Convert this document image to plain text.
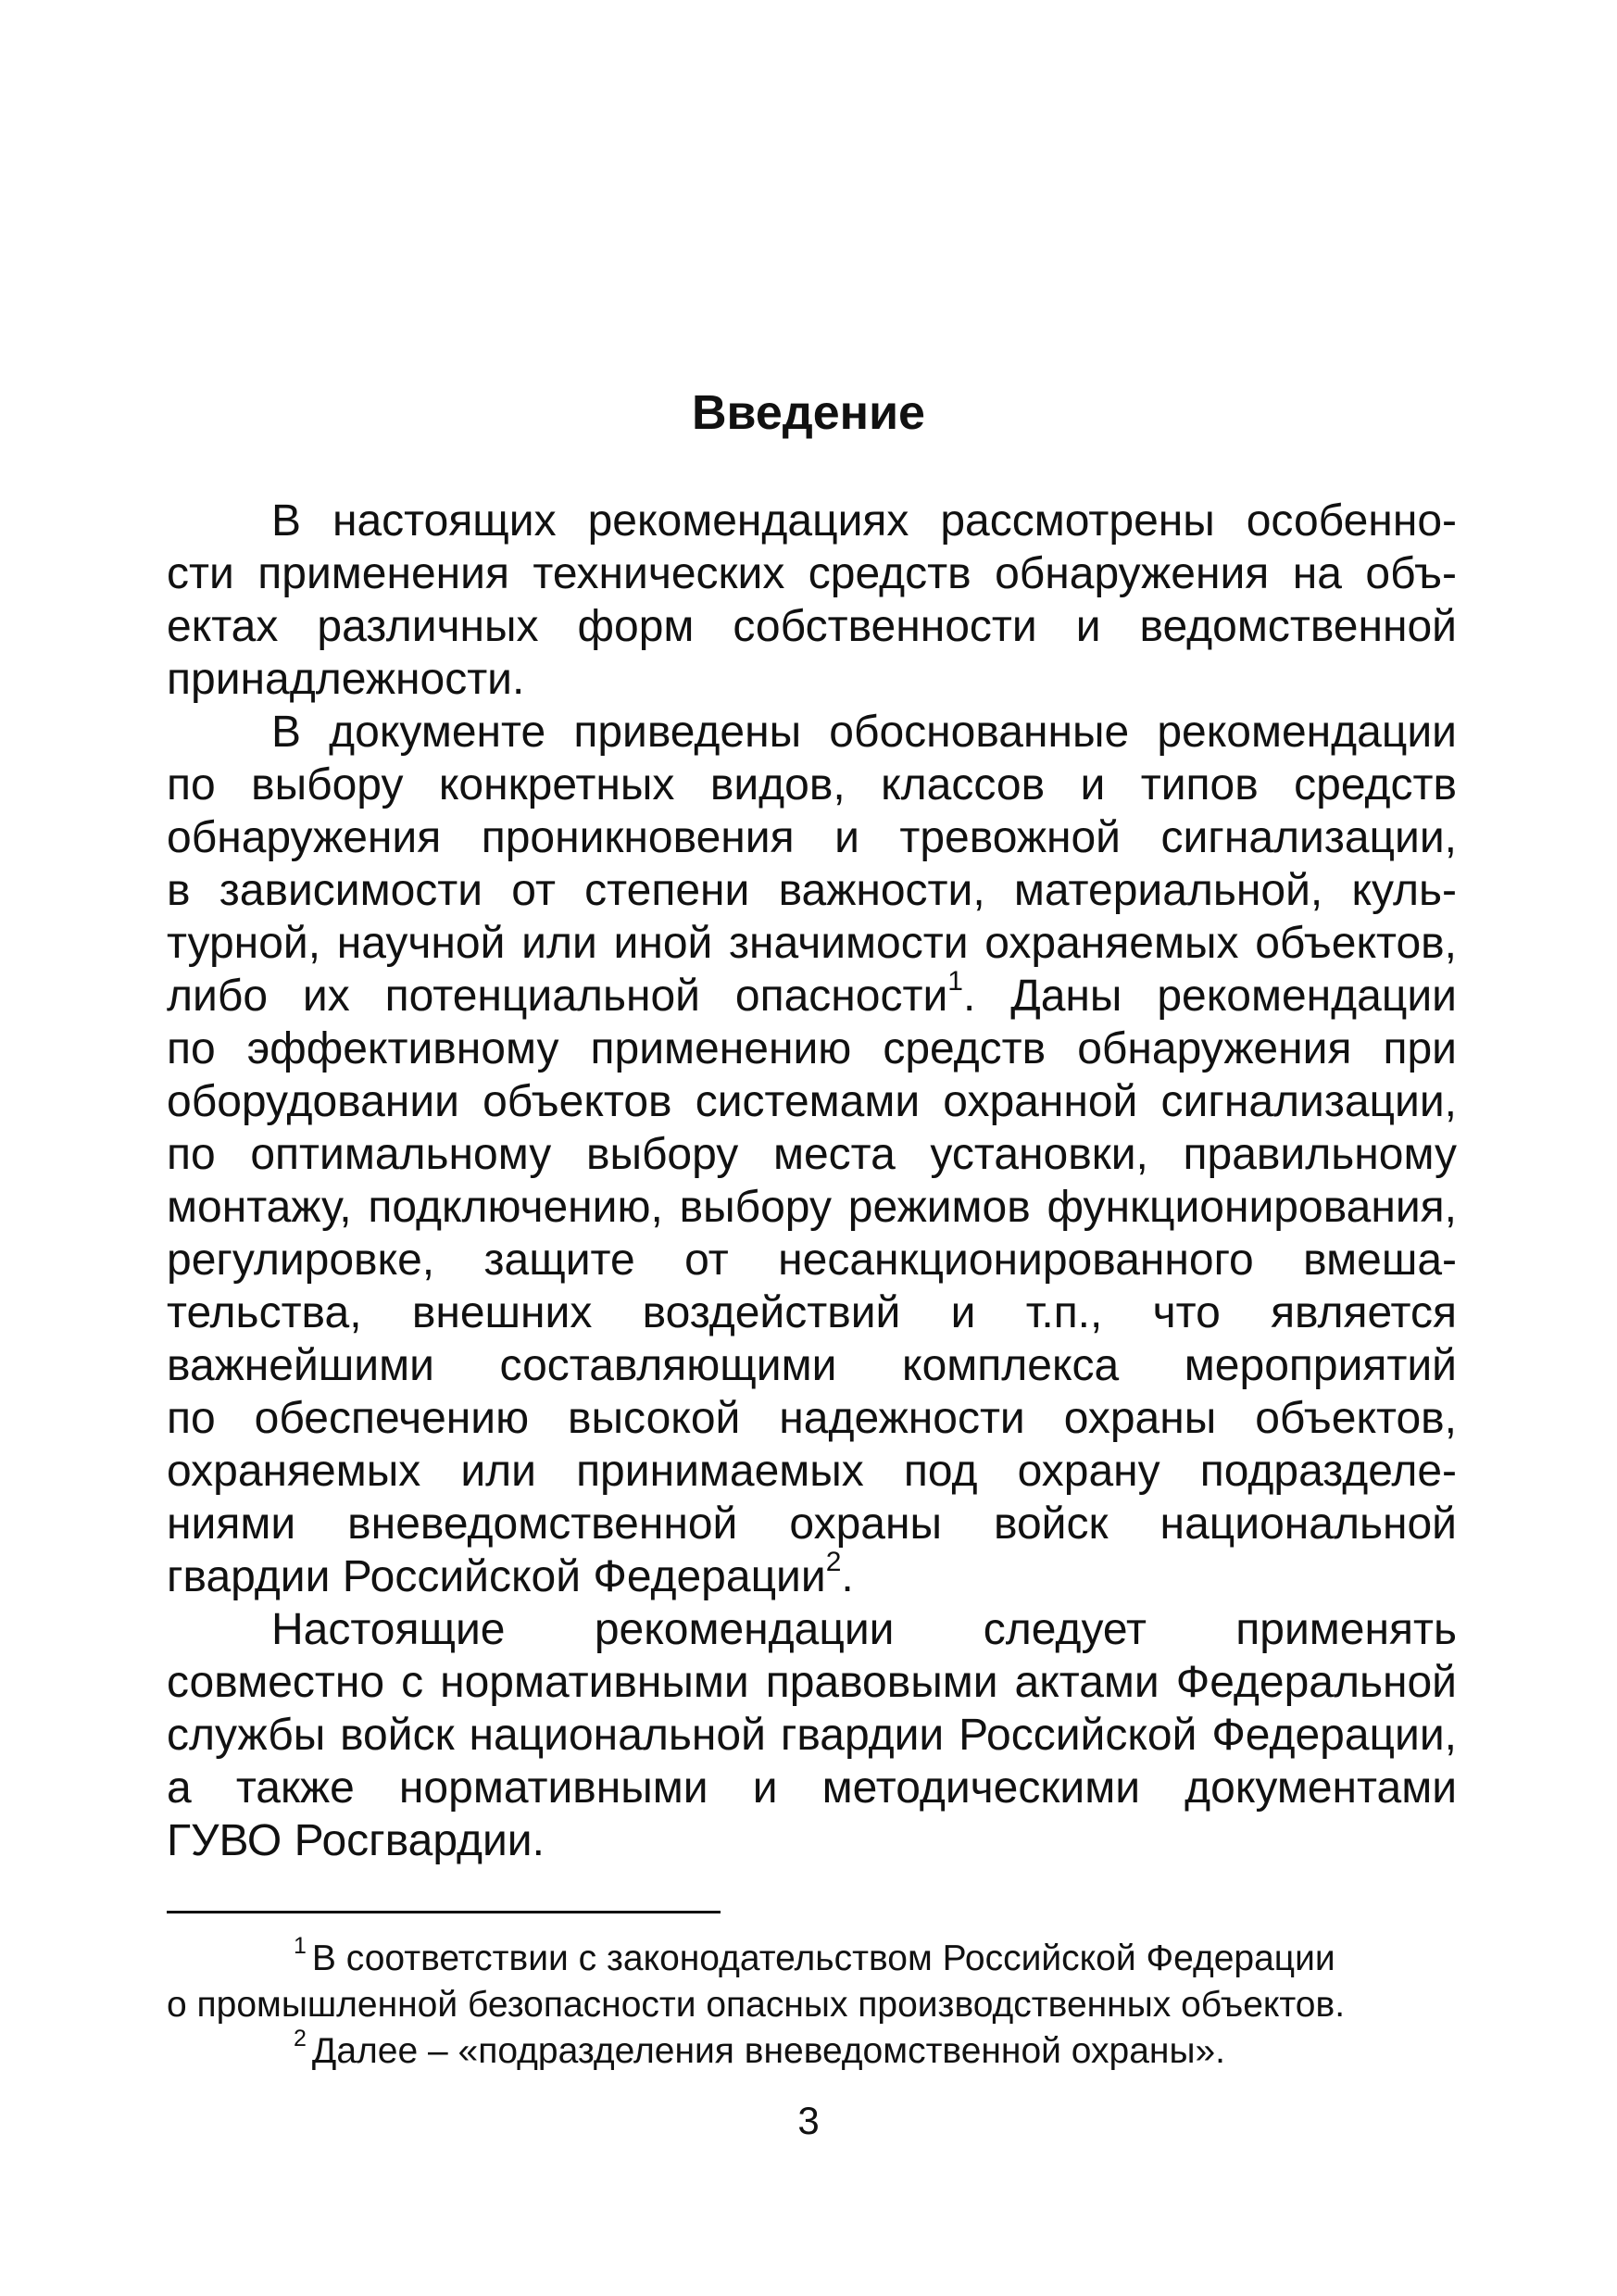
Введение
В настоящих рекомендациях рассмотрены особенно-
сти применения технических средств обнаружения на объ-
ектах различных форм собственности и ведомственной
принадлежности.
В документе приведены обоснованные рекомендации
по выбору конкретных видов, классов и типов средств
обнаружения проникновения и тревожной сигнализации,
в зависимости от степени важности, материальной, куль-
турной, научной или иной значимости охраняемых объектов,
либо их потенциальной опасности$^1$. Даны рекомендации
по эффективному применению средств обнаружения при
оборудовании объектов системами охранной сигнализации,
по оптимальному выбору места установки, правильному
монтажу, подключению, выбору режимов функционирования,
регулировке, защите от несанкционированного вмеша-
тельства, внешних воздействий и т.п., что является
важнейшими составляющими комплекса мероприятий
по обеспечению высокой надежности охраны объектов,
охраняемых или принимаемых под охрану подразделе-
ниями вневедомственной охраны войск национальной
гвардии Российской Федерации$^2$.
Настоящие рекомендации следует применять
совместно с нормативными правовыми актами Федеральной
службы войск национальной гвардии Российской Федерации,
а также нормативными и методическими документами
ГУВО Росгвардии.
$^1$ В соответствии с законодательством Российской Федерации
о промышленной безопасности опасных производственных объектов.
$^2$ Далее – «подразделения вневедомственной охраны».
3
